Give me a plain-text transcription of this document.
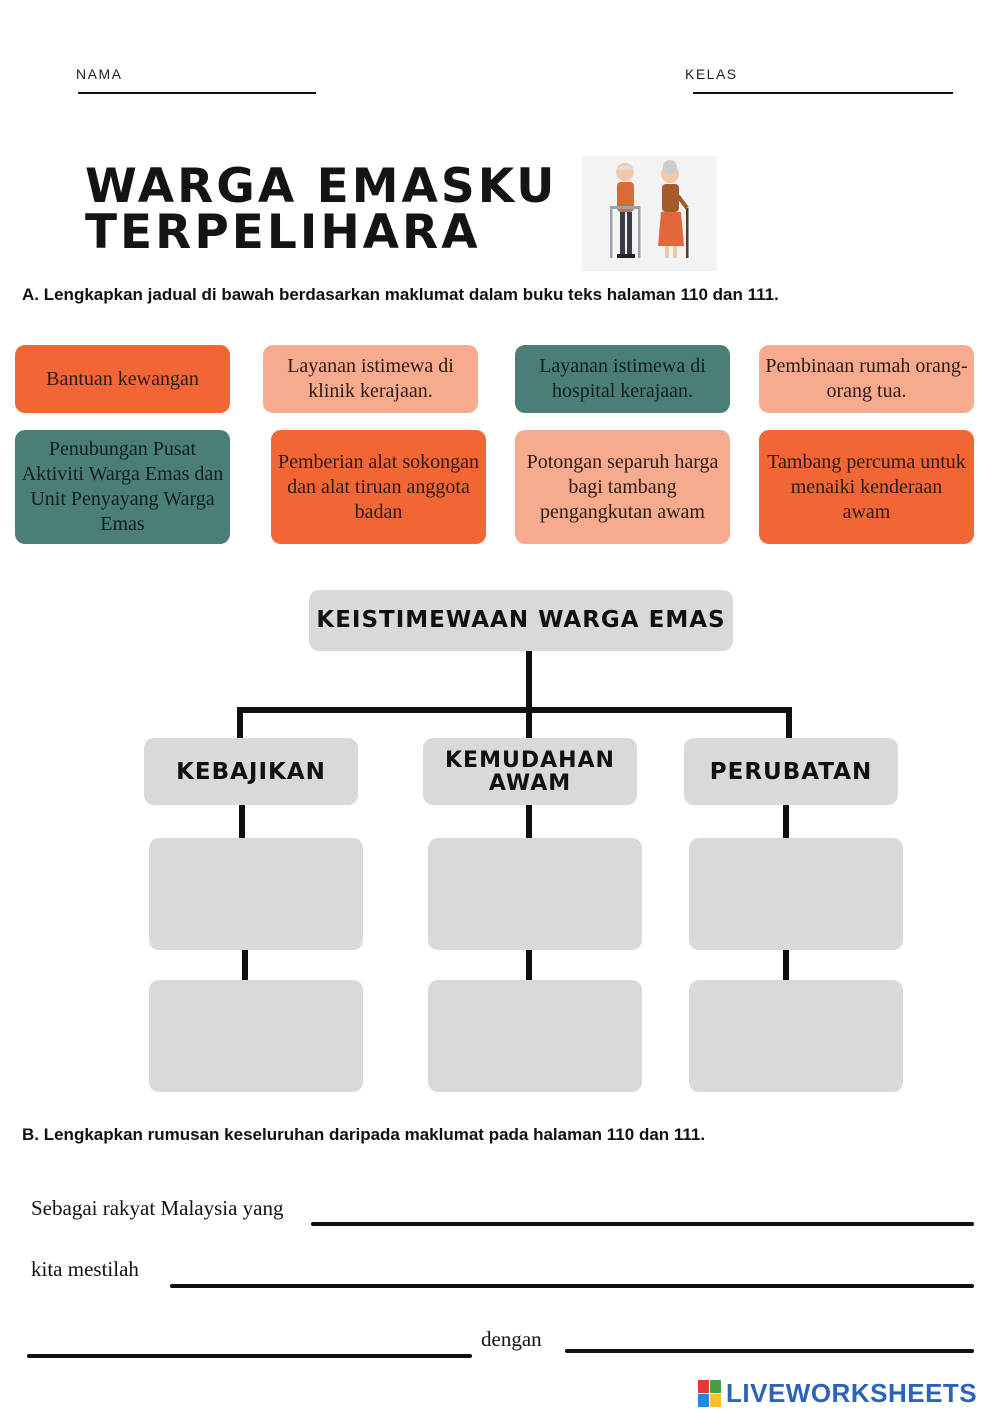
NAMA	KELAS
WARGA EMASKU
TERPELIHARA
A. Lengkapkan jadual di bawah berdasarkan maklumat dalam buku teks halaman 110 dan 111.
Bantuan kewangan
Layanan istimewa di klinik kerajaan.
Layanan istimewa di hospital kerajaan.
Pembinaan rumah orang-orang tua.
Penubungan Pusat Aktiviti Warga Emas dan Unit Penyayang Warga Emas
Pemberian alat sokongan dan alat tiruan anggota badan
Potongan separuh harga bagi tambang pengangkutan awam
Tambang percuma untuk menaiki kenderaan awam
KEISTIMEWAAN WARGA EMAS
KEBAJIKAN	KEMUDAHAN AWAM	PERUBATAN
B. Lengkapkan rumusan keseluruhan daripada maklumat pada halaman 110 dan 111.
Sebagai rakyat Malaysia yang
kita mestilah
dengan
LIVEWORKSHEETS
